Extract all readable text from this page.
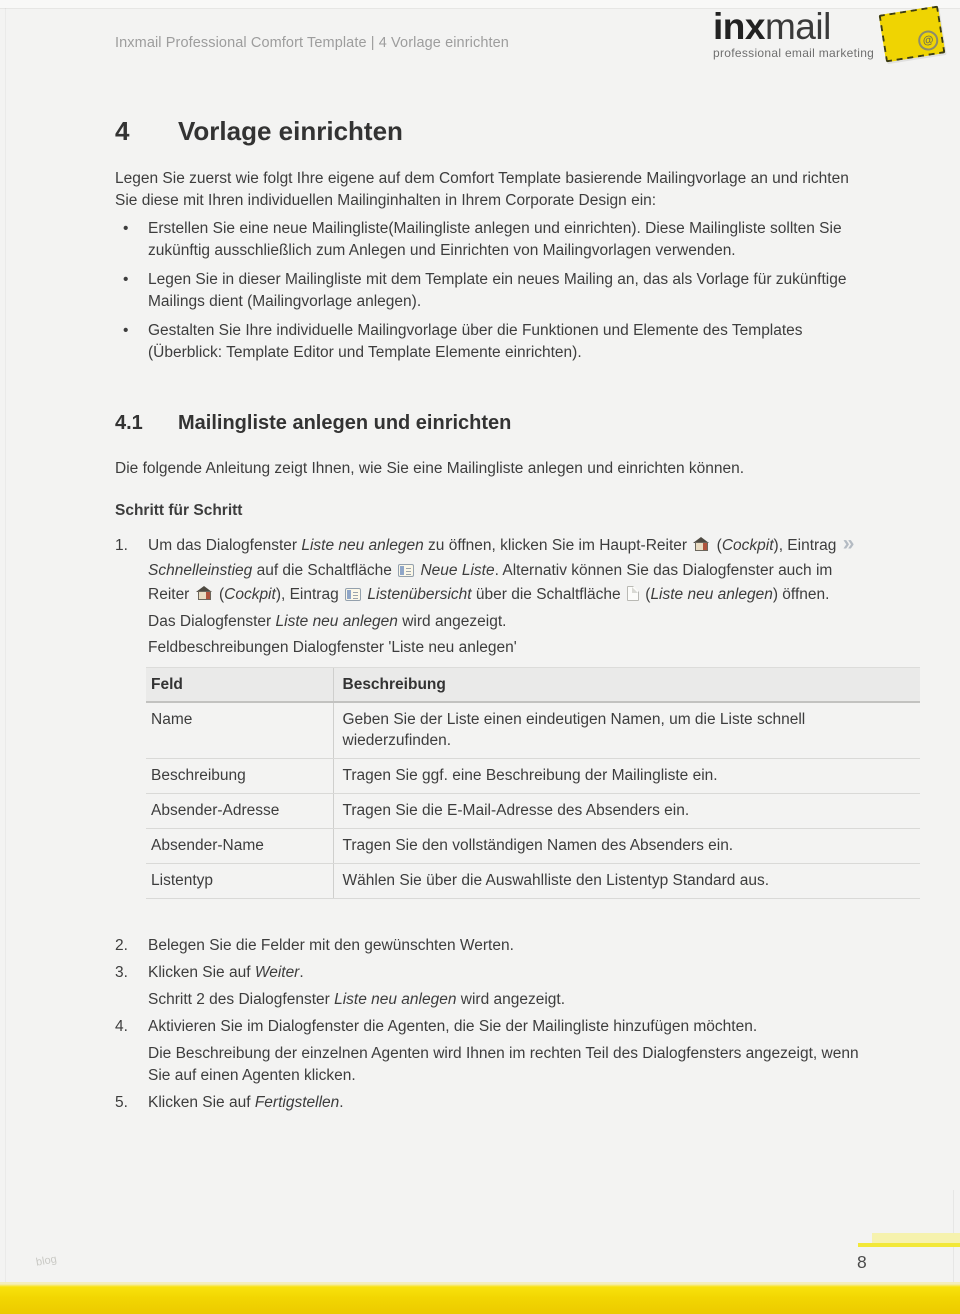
Inxmail Professional Comfort Template | 4 Vorlage einrichten	inxmail
professional email marketing
@
4	Vorlage einrichten

Legen Sie zuerst wie folgt Ihre eigene auf dem Comfort Template basierende Mailingvorlage an und richten Sie diese mit Ihren individuellen Mailinginhalten in Ihrem Corporate Design ein:

• Erstellen Sie eine neue Mailingliste(Mailingliste anlegen und einrichten). Diese Mailingliste sollten Sie zukünftig ausschließlich zum Anlegen und Einrichten von Mailingvorlagen verwenden.
• Legen Sie in dieser Mailingliste mit dem Template ein neues Mailing an, das als Vorlage für zukünftige Mailings dient (Mailingvorlage anlegen).
• Gestalten Sie Ihre individuelle Mailingvorlage über die Funktionen und Elemente des Templates (Überblick: Template Editor und Template Elemente einrichten).
4.1	Mailingliste anlegen und einrichten

Die folgende Anleitung zeigt Ihnen, wie Sie eine Mailingliste anlegen und einrichten können.

Schritt für Schritt

1.	Um das Dialogfenster Liste neu anlegen zu öffnen, klicken Sie im Haupt-Reiter  (Cockpit), Eintrag » Schnelleinstieg auf die Schaltfläche  Neue Liste. Alternativ können Sie das Dialogfenster auch im Reiter  (Cockpit), Eintrag  Listenübersicht über die Schaltfläche  (Liste neu anlegen) öffnen.

Das Dialogfenster Liste neu anlegen wird angezeigt.

Feldbeschreibungen Dialogfenster 'Liste neu anlegen'

Feld	Beschreibung
Name	Geben Sie der Liste einen eindeutigen Namen, um die Liste schnell wiederzufinden.
Beschreibung	Tragen Sie ggf. eine Beschreibung der Mailingliste ein.
Absender-Adresse	Tragen Sie die E-Mail-Adresse des Absenders ein.
Absender-Name	Tragen Sie den vollständigen Namen des Absenders ein.
Listentyp	Wählen Sie über die Auswahlliste den Listentyp Standard aus.
2.	Belegen Sie die Felder mit den gewünschten Werten.
3.	Klicken Sie auf Weiter.

Schritt 2 des Dialogfenster Liste neu anlegen wird angezeigt.

4.	Aktivieren Sie im Dialogfenster die Agenten, die Sie der Mailingliste hinzufügen möchten.

Die Beschreibung der einzelnen Agenten wird Ihnen im rechten Teil des Dialogfensters angezeigt, wenn Sie auf einen Agenten klicken.

5.	Klicken Sie auf Fertigstellen.
blog	8
